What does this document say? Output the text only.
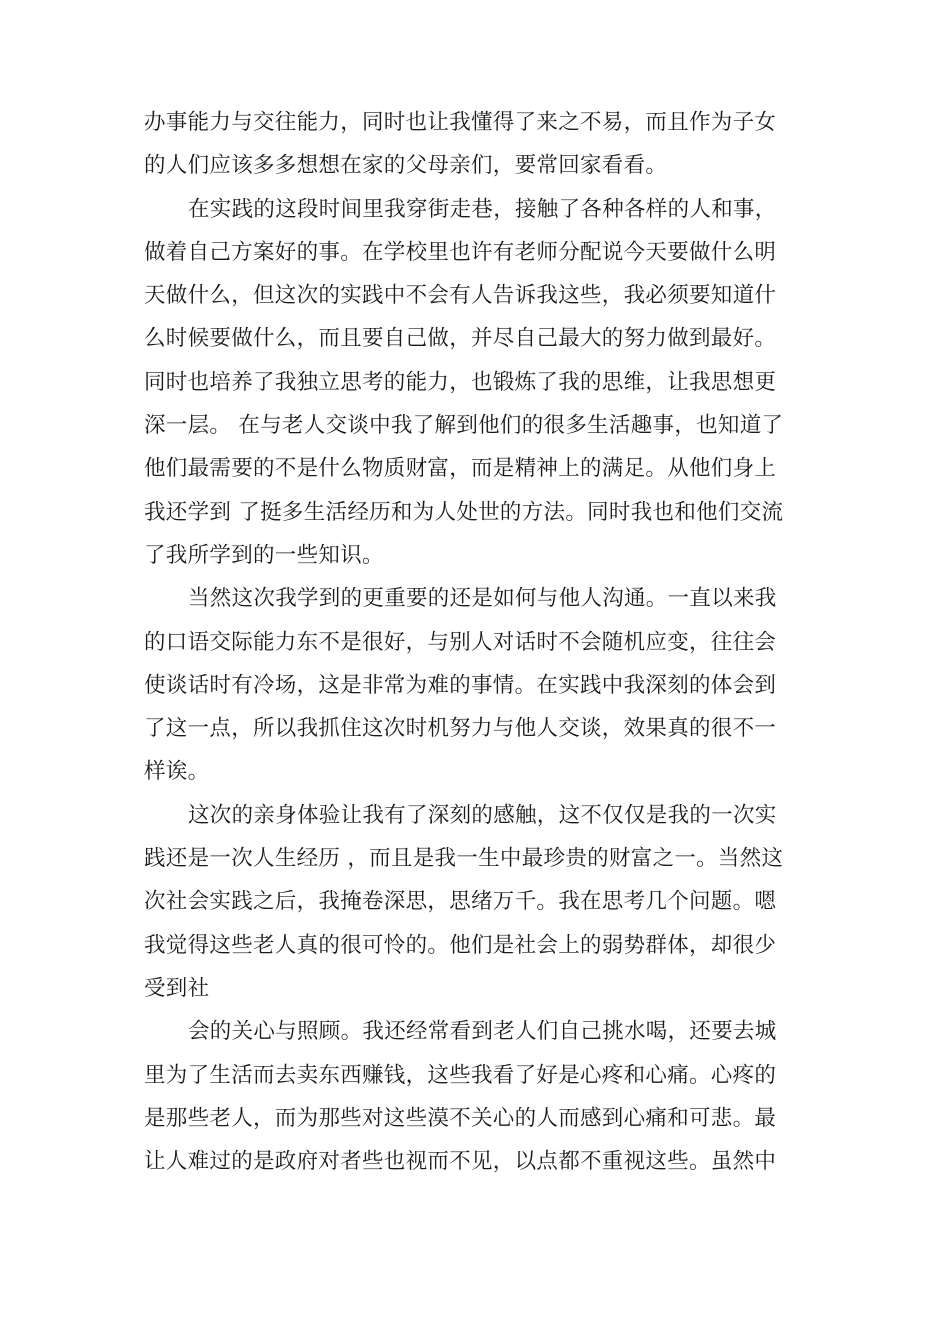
办事能力与交往能力，同时也让我懂得了来之不易，而且作为子女
的人们应该多多想想在家的父母亲们，要常回家看看。
在实践的这段时间里我穿街走巷，接触了各种各样的人和事，
做着自己方案好的事。在学校里也许有老师分配说今天要做什么明
天做什么，但这次的实践中不会有人告诉我这些，我必须要知道什
么时候要做什么，而且要自己做，并尽自己最大的努力做到最好。
同时也培养了我独立思考的能力，也锻炼了我的思维，让我思想更
深一层。 在与老人交谈中我了解到他们的很多生活趣事，也知道了
他们最需要的不是什么物质财富，而是精神上的满足。从他们身上
我还学到 了挺多生活经历和为人处世的方法。同时我也和他们交流
了我所学到的一些知识。
当然这次我学到的更重要的还是如何与他人沟通。一直以来我
的口语交际能力东不是很好，与别人对话时不会随机应变，往往会
使谈话时有冷场，这是非常为难的事情。在实践中我深刻的体会到
了这一点，所以我抓住这次时机努力与他人交谈，效果真的很不一
样诶。
这次的亲身体验让我有了深刻的感触，这不仅仅是我的一次实
践还是一次人生经历 ，而且是我一生中最珍贵的财富之一。当然这
次社会实践之后，我掩卷深思，思绪万千。我在思考几个问题。嗯
我觉得这些老人真的很可怜的。他们是社会上的弱势群体，却很少
受到社
会的关心与照顾。我还经常看到老人们自己挑水喝，还要去城
里为了生活而去卖东西赚钱，这些我看了好是心疼和心痛。心疼的
是那些老人，而为那些对这些漠不关心的人而感到心痛和可悲。最
让人难过的是政府对者些也视而不见，以点都不重视这些。虽然中
